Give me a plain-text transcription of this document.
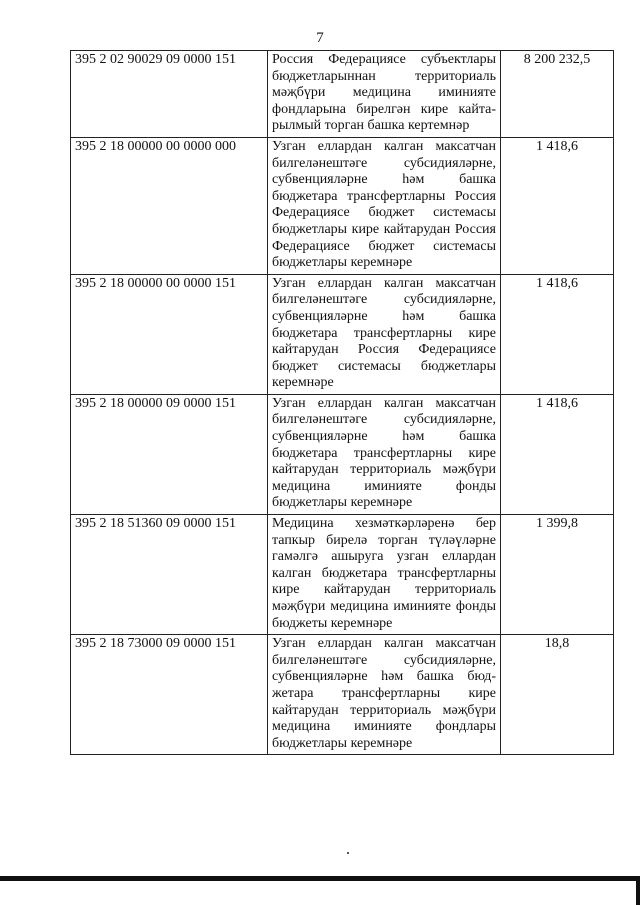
7
395 2 02 90029 09 0000 151	Россия Федерациясе субъектлары бюджетларыннан территориаль мәҗбүри медицина иминияте фондларына бирелгән кире кайтарылмый торган башка кертемнәр	8 200 232,5
395 2 18 00000 00 0000 000	Узган еллардан калган максатчан билгеләнештәге субсидияләрне, субвенцияләрне һәм башка бюджетара трансфертларны Россия Федерациясе бюджет системасы бюджетлары кире кайтарудан Россия Федерациясе бюджет системасы бюджетлары керемнәре	1 418,6
395 2 18 00000 00 0000 151	Узган еллардан калган максатчан билгеләнештәге субсидияләрне, субвенцияләрне һәм башка бюджетара трансфертларны кире кайтарудан Россия Федерациясе бюджет системасы бюджетлары керемнәре	1 418,6
395 2 18 00000 09 0000 151	Узган еллардан калган максатчан билгеләнештәге субсидияләрне, субвенцияләрне һәм башка бюджетара трансфертларны кире кайтарудан территориаль мәҗбүри медицина иминияте фонды бюджетлары керемнәре	1 418,6
395 2 18 51360 09 0000 151	Медицина хезмәткәрләренә бер тапкыр бирелә торган түләүләрне гамәлгә ашыруга узган еллардан калган бюджетара трансфертларны кире кайтарудан территориаль мәҗбүри медицина иминияте фонды бюджеты керемнәре	1 399,8
395 2 18 73000 09 0000 151	Узган еллардан калган максатчан билгеләнештәге субсидияләрне, субвенцияләрне һәм башка бюджетара трансфертларны кире кайтарудан территориаль мәҗбүри медицина иминияте фондлары бюджетлары керемнәре	18,8
